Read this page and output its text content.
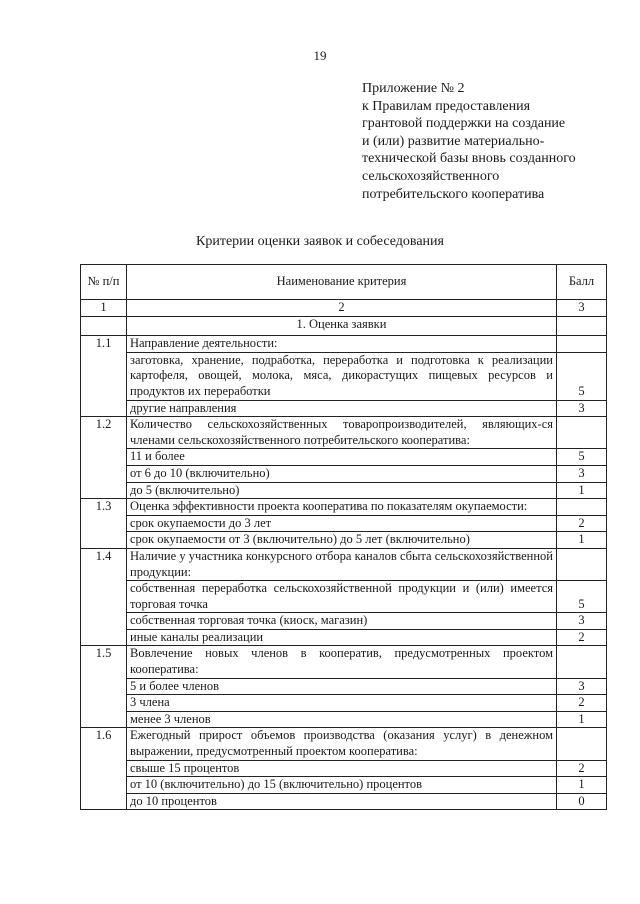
19
Приложение № 2
к Правилам предоставления
грантовой поддержки на создание
и (или) развитие материально-
технической базы вновь созданного
сельскохозяйственного
потребительского кооператива
Критерии оценки заявок и собеседования
№ п/п	Наименование критерия	Балл
1	2	3
	1. Оценка заявки	
1.1	Направление деятельности:	
	заготовка, хранение, подработка, переработка и подготовка к реализации картофеля, овощей, молока, мяса, дикорастущих пищевых ресурсов и продуктов их переработки	5
	другие направления	3
1.2	Количество сельскохозяйственных товаропроизводителей, являющих-ся членами сельскохозяйственного потребительского кооператива:	
	11 и более	5
	от 6 до 10 (включительно)	3
	до 5 (включительно)	1
1.3	Оценка эффективности проекта кооператива по показателям окупаемости:	
	срок окупаемости до 3 лет	2
	срок окупаемости от 3 (включительно) до 5 лет (включительно)	1
1.4	Наличие у участника конкурсного отбора каналов сбыта сельскохозяйственной продукции:	
	собственная переработка сельскохозяйственной продукции и (или) имеется торговая точка	5
	собственная торговая точка (киоск, магазин)	3
	иные каналы реализации	2
1.5	Вовлечение новых членов в кооператив, предусмотренных проектом кооператива:	
	5 и более членов	3
	3 члена	2
	менее 3 членов	1
1.6	Ежегодный прирост объемов производства (оказания услуг) в денежном выражении, предусмотренный проектом кооператива:	
	свыше 15 процентов	2
	от 10 (включительно) до 15 (включительно) процентов	1
	до 10 процентов	0
